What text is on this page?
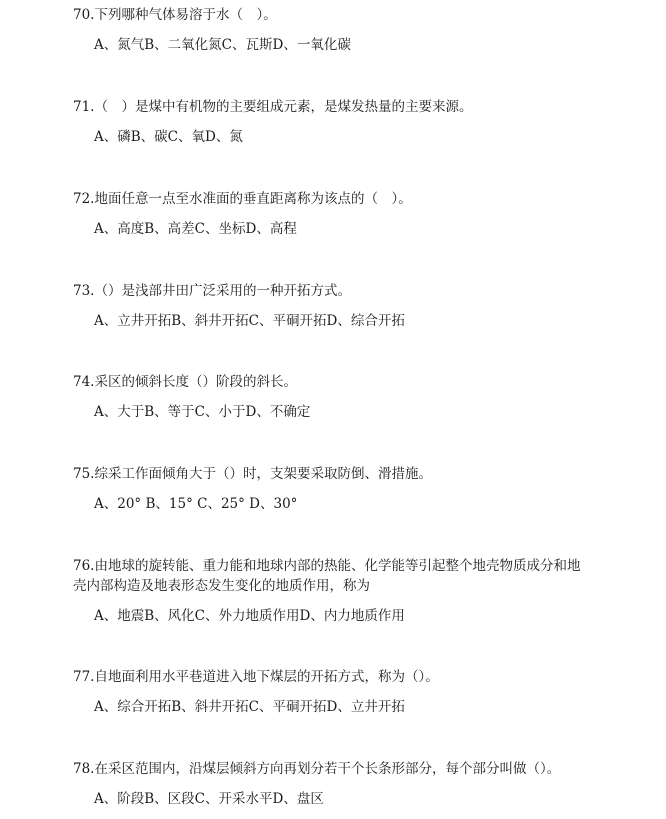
70.下列哪种气体易溶于水（　）。

A、氮气B、二氧化氮C、瓦斯D、一氧化碳

71.（　）是煤中有机物的主要组成元素，是煤发热量的主要来源。

A、磷B、碳C、氧D、氮

72.地面任意一点至水准面的垂直距离称为该点的（　）。

A、高度B、高差C、坐标D、高程

73.（）是浅部井田广泛采用的一种开拓方式。

A、立井开拓B、斜井开拓C、平硐开拓D、综合开拓

74.采区的倾斜长度（）阶段的斜长。

A、大于B、等于C、小于D、不确定

75.综采工作面倾角大于（）时，支架要采取防倒、滑措施。

A、20° B、15° C、25° D、30°

76.由地球的旋转能、重力能和地球内部的热能、化学能等引起整个地壳物质成分和地壳内部构造及地表形态发生变化的地质作用，称为

A、地震B、风化C、外力地质作用D、内力地质作用

77.自地面利用水平巷道进入地下煤层的开拓方式，称为（）。

A、综合开拓B、斜井开拓C、平硐开拓D、立井开拓

78.在采区范围内，沿煤层倾斜方向再划分若干个长条形部分，每个部分叫做（）。

A、阶段B、区段C、开采水平D、盘区
